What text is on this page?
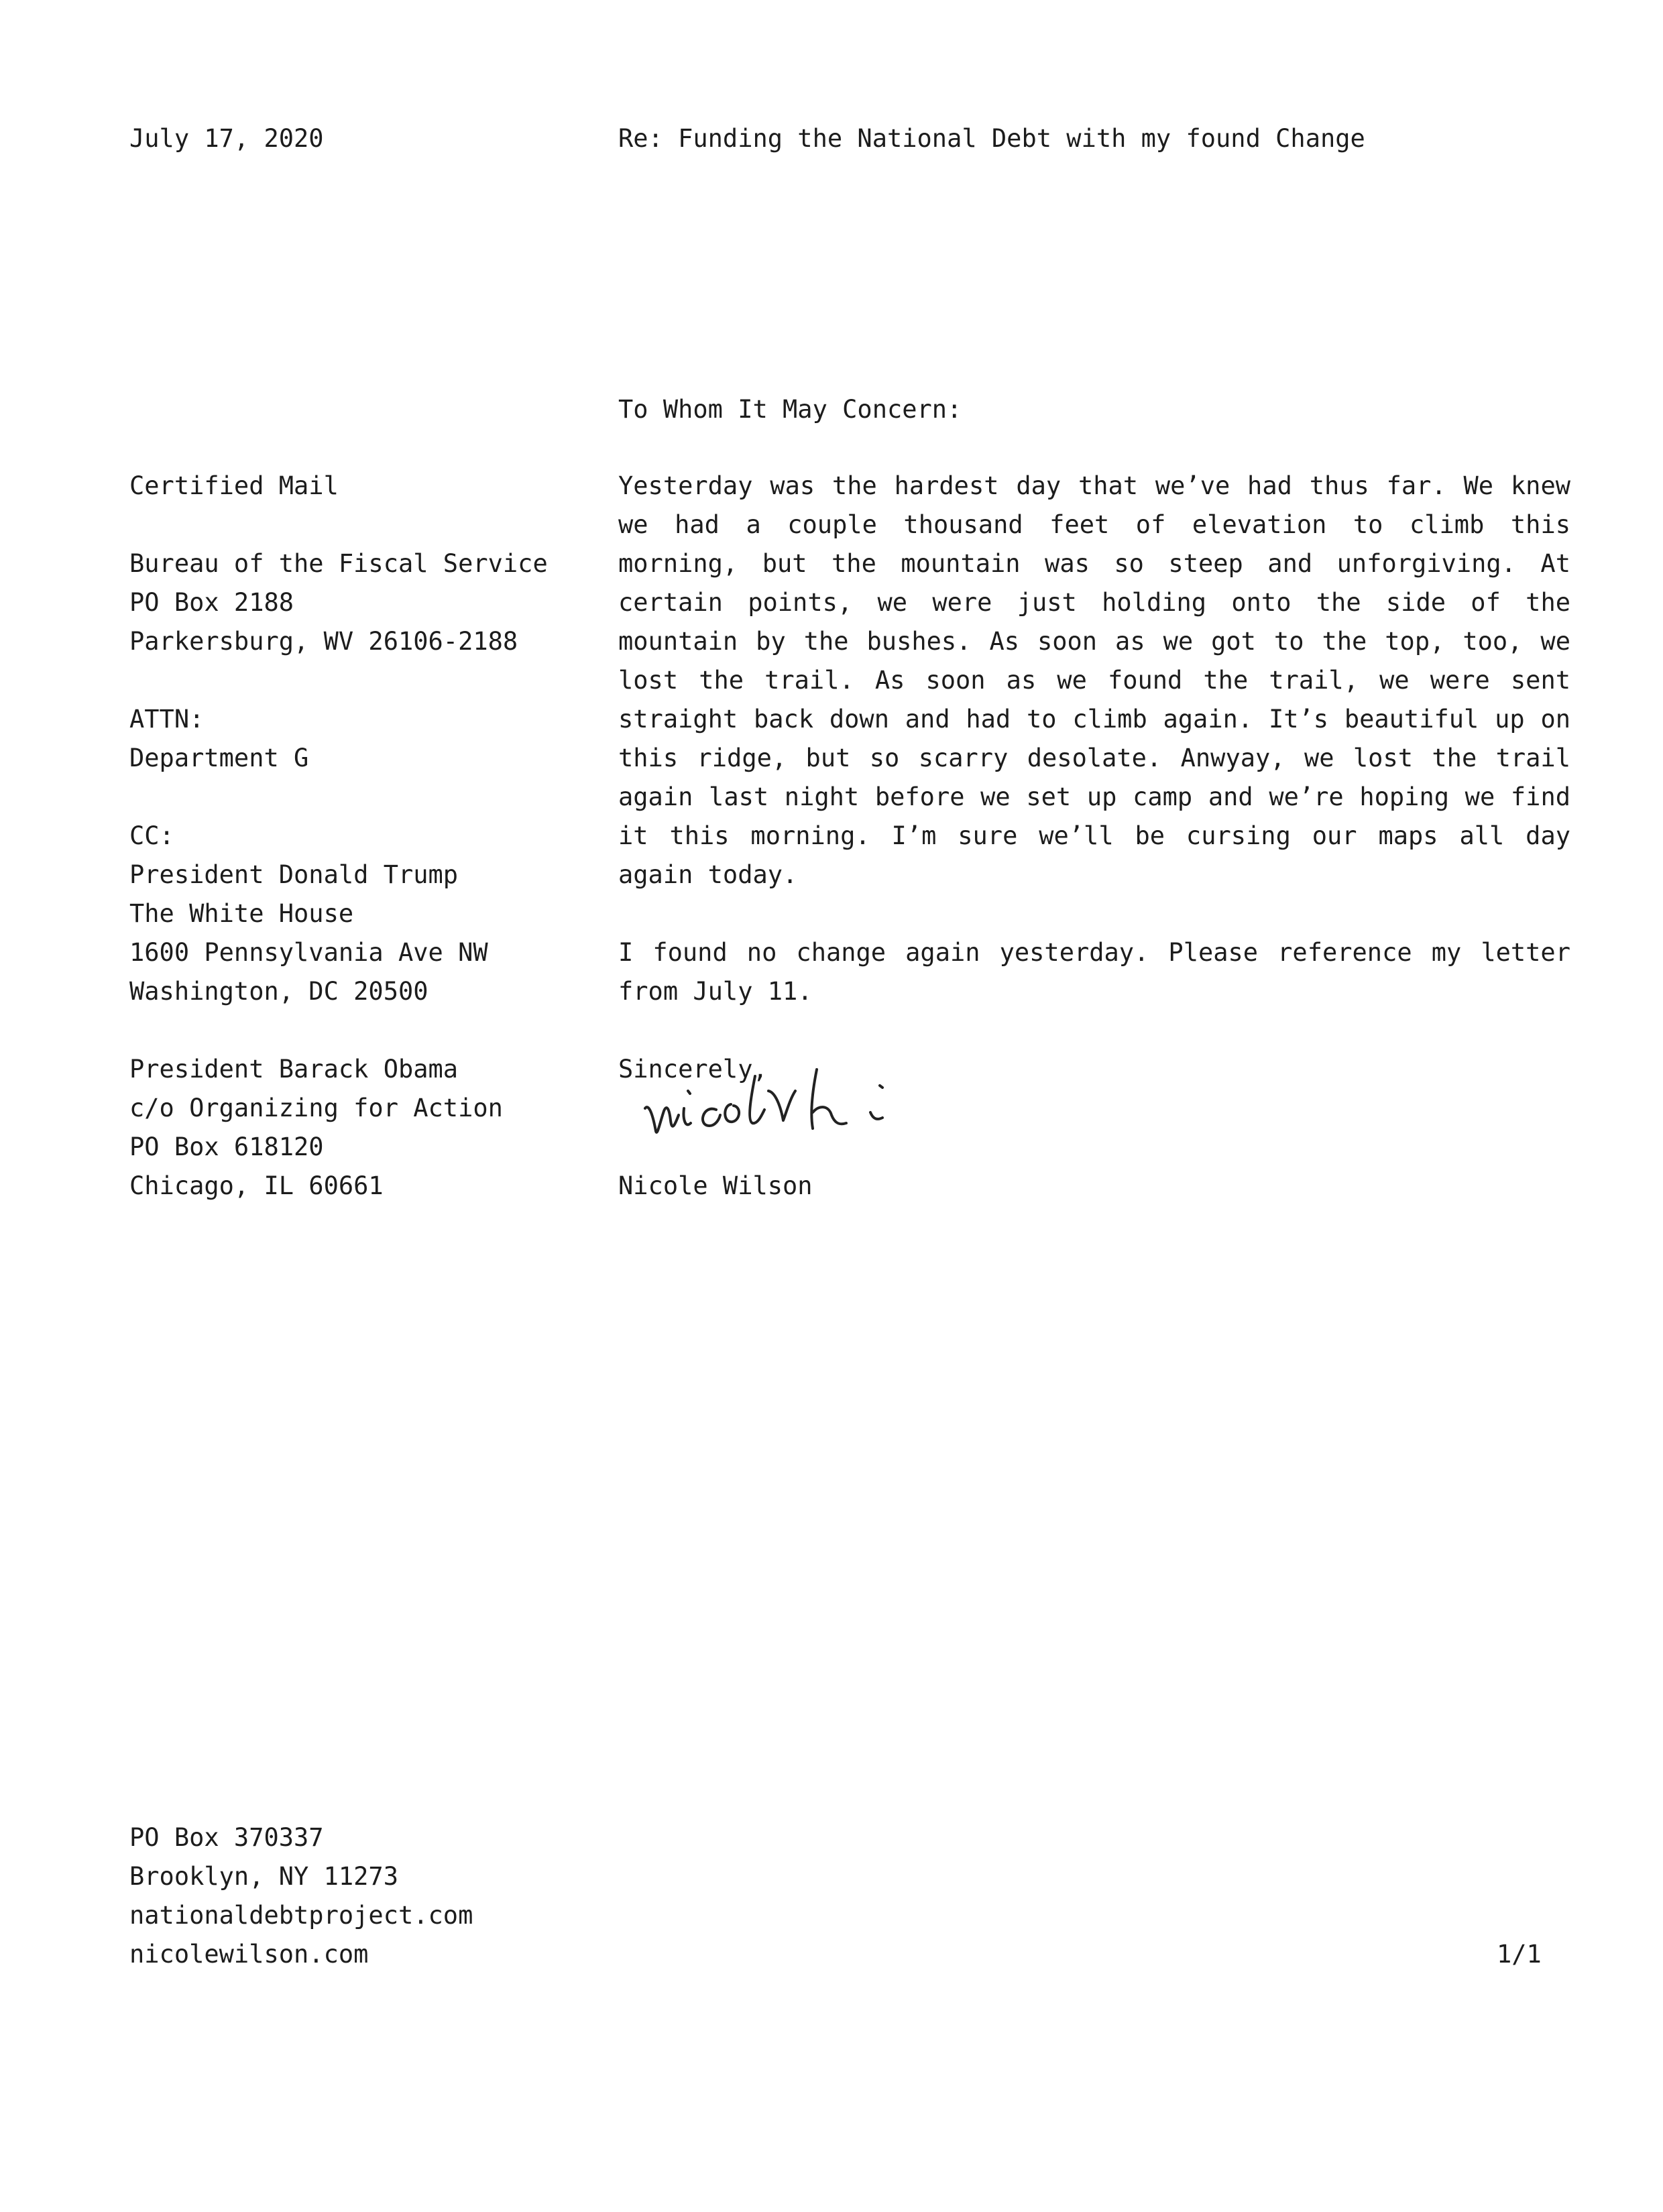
July 17, 2020	Re: Funding the National Debt with my found Change
To Whom It May Concern:
Certified Mail
Bureau of the Fiscal Service
PO Box 2188
Parkersburg, WV 26106-2188
ATTN:
Department G
CC:
President Donald Trump
The White House
1600 Pennsylvania Ave NW
Washington, DC 20500
President Barack Obama
c/o Organizing for Action
PO Box 618120
Chicago, IL 60661

Yesterday was the hardest day that we’ve had thus far. We knew we had a couple thousand feet of elevation to climb this morning, but the mountain was so steep and unforgiving. At certain points, we were just holding onto the side of the mountain by the bushes. As soon as we got to the top, too, we lost the trail. As soon as we found the trail, we were sent straight back down and had to climb again. It’s beautiful up on this ridge, but so scarry desolate. Anwyay, we lost the trail again last night before we set up camp and we’re hoping we find it this morning. I’m sure we’ll be cursing our maps all day again today.

I found no change again yesterday. Please reference my letter from July 11.

Sincerely,
Nicole Wilson
PO Box 370337
Brooklyn, NY 11273
nationaldebtproject.com
nicolewilson.com	1/1
